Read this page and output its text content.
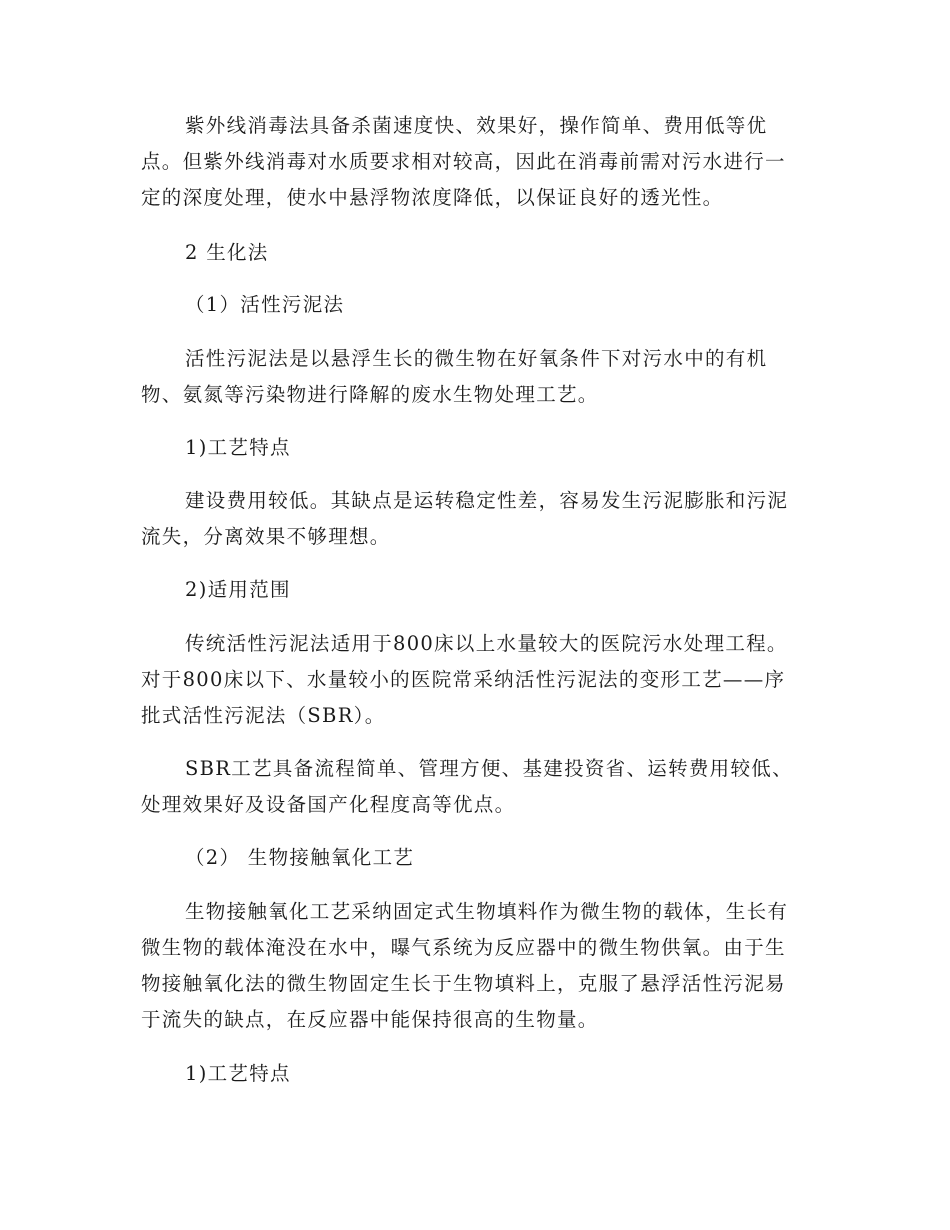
紫外线消毒法具备杀菌速度快、效果好，操作简单、费用低等优点。但紫外线消毒对水质要求相对较高，因此在消毒前需对污水进行一定的深度处理，使水中悬浮物浓度降低，以保证良好的透光性。

2 生化法

（1）活性污泥法

活性污泥法是以悬浮生长的微生物在好氧条件下对污水中的有机物、氨氮等污染物进行降解的废水生物处理工艺。

1)工艺特点

建设费用较低。其缺点是运转稳定性差，容易发生污泥膨胀和污泥流失，分离效果不够理想。

2)适用范围

传统活性污泥法适用于800床以上水量较大的医院污水处理工程。对于800床以下、水量较小的医院常采纳活性污泥法的变形工艺——序批式活性污泥法（SBR）。

SBR工艺具备流程简单、管理方便、基建投资省、运转费用较低、处理效果好及设备国产化程度高等优点。

（2） 生物接触氧化工艺

生物接触氧化工艺采纳固定式生物填料作为微生物的载体，生长有微生物的载体淹没在水中，曝气系统为反应器中的微生物供氧。由于生物接触氧化法的微生物固定生长于生物填料上，克服了悬浮活性污泥易于流失的缺点，在反应器中能保持很高的生物量。

1)工艺特点
